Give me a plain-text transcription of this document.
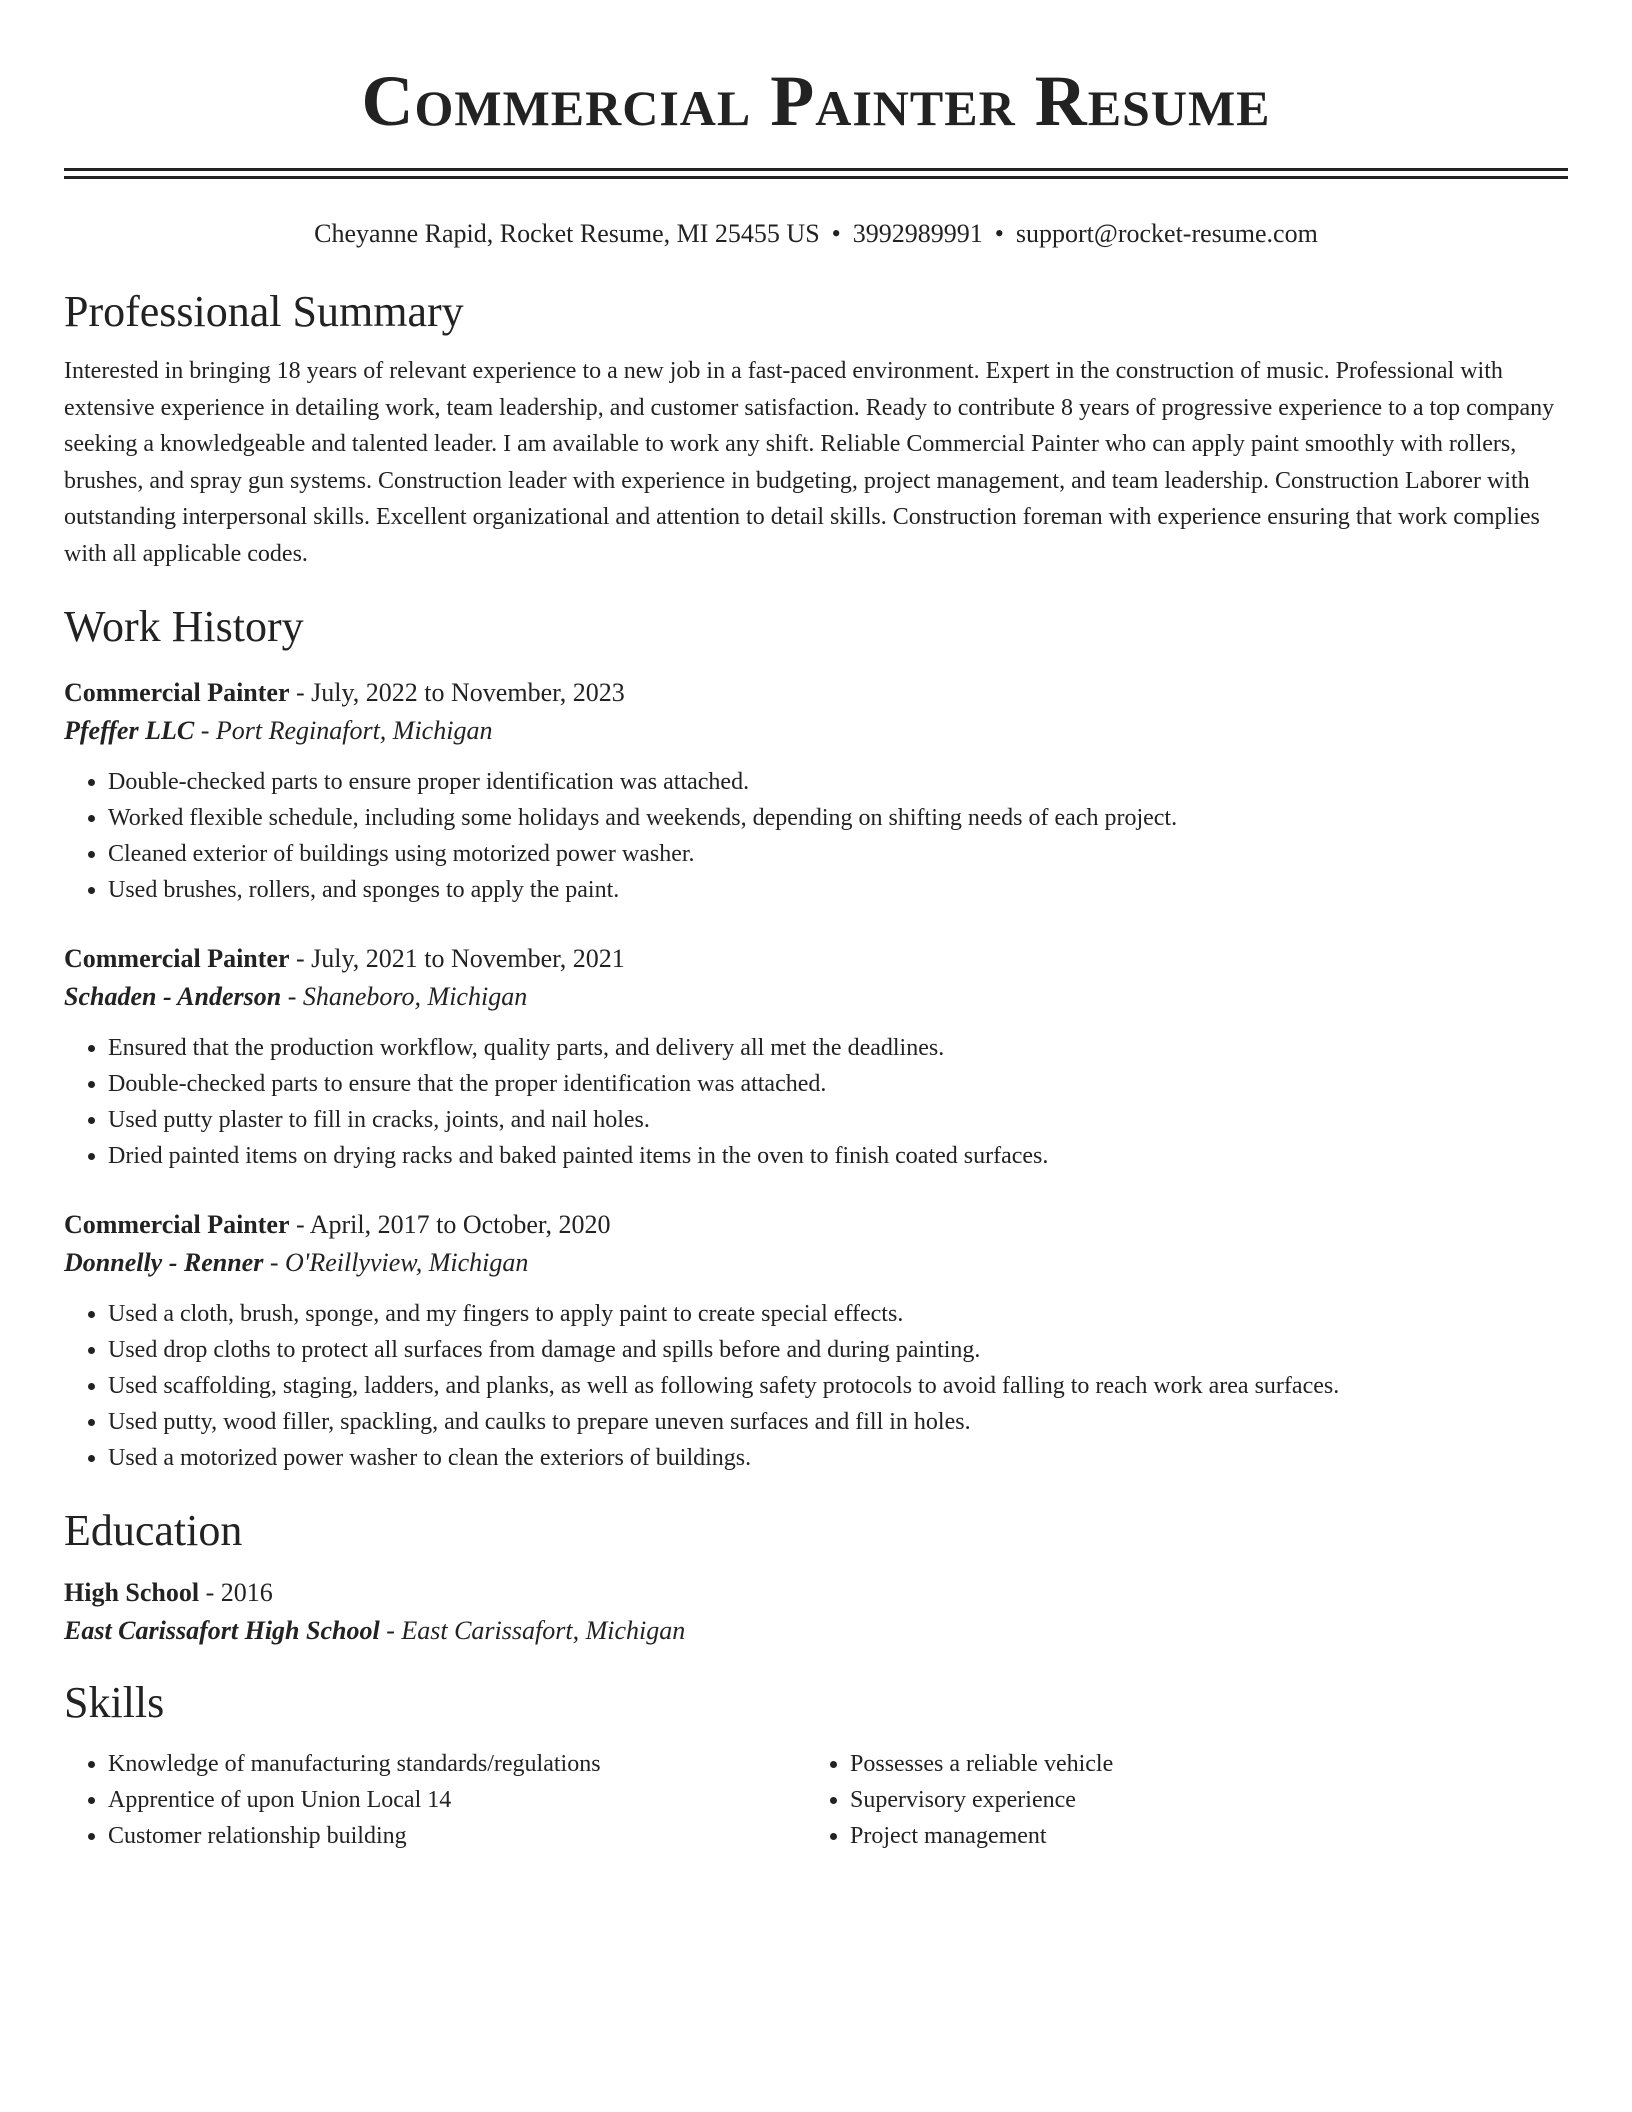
Commercial Painter Resume
Cheyanne Rapid, Rocket Resume, MI 25455 US • 3992989991 • support@rocket-resume.com
Professional Summary

Interested in bringing 18 years of relevant experience to a new job in a fast-paced environment. Expert in the construction of music. Professional with extensive experience in detailing work, team leadership, and customer satisfaction. Ready to contribute 8 years of progressive experience to a top company seeking a knowledgeable and talented leader. I am available to work any shift. Reliable Commercial Painter who can apply paint smoothly with rollers, brushes, and spray gun systems. Construction leader with experience in budgeting, project management, and team leadership. Construction Laborer with outstanding interpersonal skills. Excellent organizational and attention to detail skills. Construction foreman with experience ensuring that work complies with all applicable codes.

Work History
Commercial Painter - July, 2022 to November, 2023
Pfeffer LLC - Port Reginafort, Michigan
• Double-checked parts to ensure proper identification was attached.
• Worked flexible schedule, including some holidays and weekends, depending on shifting needs of each project.
• Cleaned exterior of buildings using motorized power washer.
• Used brushes, rollers, and sponges to apply the paint.
Commercial Painter - July, 2021 to November, 2021
Schaden - Anderson - Shaneboro, Michigan
• Ensured that the production workflow, quality parts, and delivery all met the deadlines.
• Double-checked parts to ensure that the proper identification was attached.
• Used putty plaster to fill in cracks, joints, and nail holes.
• Dried painted items on drying racks and baked painted items in the oven to finish coated surfaces.
Commercial Painter - April, 2017 to October, 2020
Donnelly - Renner - O'Reillyview, Michigan
• Used a cloth, brush, sponge, and my fingers to apply paint to create special effects.
• Used drop cloths to protect all surfaces from damage and spills before and during painting.
• Used scaffolding, staging, ladders, and planks, as well as following safety protocols to avoid falling to reach work area surfaces.
• Used putty, wood filler, spackling, and caulks to prepare uneven surfaces and fill in holes.
• Used a motorized power washer to clean the exteriors of buildings.
Education
High School - 2016
East Carissafort High School - East Carissafort, Michigan
Skills
• Knowledge of manufacturing standards/regulations
• Apprentice of upon Union Local 14
• Customer relationship building
• Possesses a reliable vehicle
• Supervisory experience
• Project management
